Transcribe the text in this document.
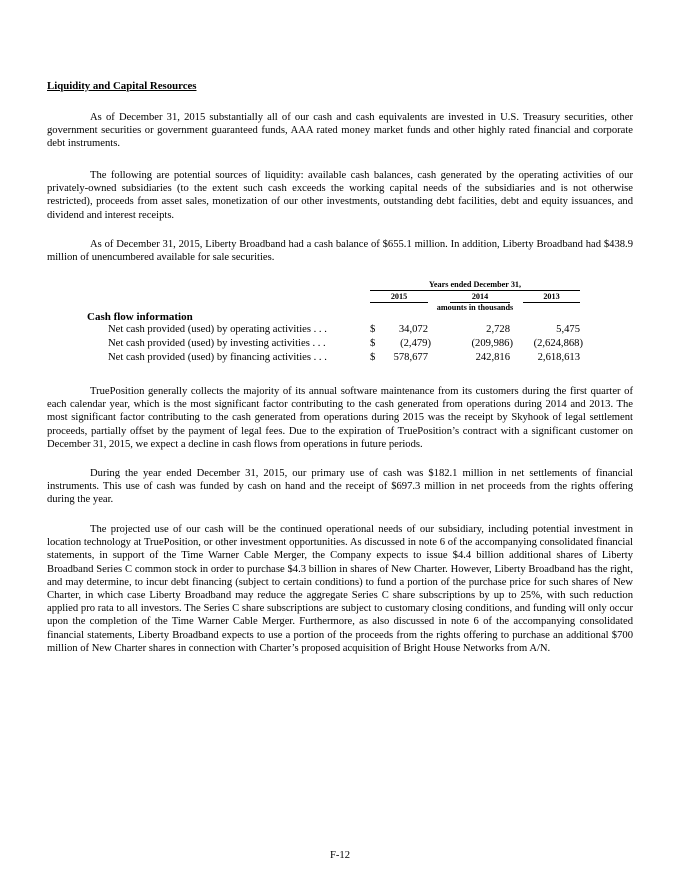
Liquidity and Capital Resources

As of December 31, 2015 substantially all of our cash and cash equivalents are invested in U.S. Treasury securities, other government securities or government guaranteed funds, AAA rated money market funds and other highly rated financial and corporate debt instruments.

The following are potential sources of liquidity: available cash balances, cash generated by the operating activities of our privately-owned subsidiaries (to the extent such cash exceeds the working capital needs of the subsidiaries and is not otherwise restricted), proceeds from asset sales, monetization of our other investments, outstanding debt facilities, debt and equity issuances, and dividend and interest receipts.

As of December 31, 2015, Liberty Broadband had a cash balance of $655.1 million. In addition, Liberty Broadband had $438.9 million of unencumbered available for sale securities.

Years ended December 31,
2015	2014	2013
amounts in thousands
Cash flow information
Net cash provided (used) by operating activities . . .	$	34,072	2,728	5,475
Net cash provided (used) by investing activities . . .	$	(2,479)	(209,986)	(2,624,868)
Net cash provided (used) by financing activities . . .	$	578,677	242,816	2,618,613

TruePosition generally collects the majority of its annual software maintenance from its customers during the first quarter of each calendar year, which is the most significant factor contributing to the cash generated from operations during 2014 and 2013. The most significant factor contributing to the cash generated from operations during 2015 was the receipt by Skyhook of legal settlement proceeds, partially offset by the payment of legal fees. Due to the expiration of TruePosition’s contract with a significant customer on December 31, 2015, we expect a decline in cash flows from operations in future periods.

During the year ended December 31, 2015, our primary use of cash was $182.1 million in net settlements of financial instruments. This use of cash was funded by cash on hand and the receipt of $697.3 million in net proceeds from the rights offering during the year.

The projected use of our cash will be the continued operational needs of our subsidiary, including potential investment in location technology at TruePosition, or other investment opportunities. As discussed in note 6 of the accompanying consolidated financial statements, in support of the Time Warner Cable Merger, the Company expects to issue $4.4 billion additional shares of Liberty Broadband Series C common stock in order to purchase $4.3 billion in shares of New Charter. However, Liberty Broadband has the right, and may determine, to incur debt financing (subject to certain conditions) to fund a portion of the purchase price for such shares of New Charter, in which case Liberty Broadband may reduce the aggregate Series C share subscriptions by up to 25%, with such reduction applied pro rata to all investors. The Series C share subscriptions are subject to customary closing conditions, and funding will only occur upon the completion of the Time Warner Cable Merger. Furthermore, as also discussed in note 6 of the accompanying consolidated financial statements, Liberty Broadband expects to use a portion of the proceeds from the rights offering to purchase an additional $700 million of New Charter shares in connection with Charter’s proposed acquisition of Bright House Networks from A/N.

F-12
